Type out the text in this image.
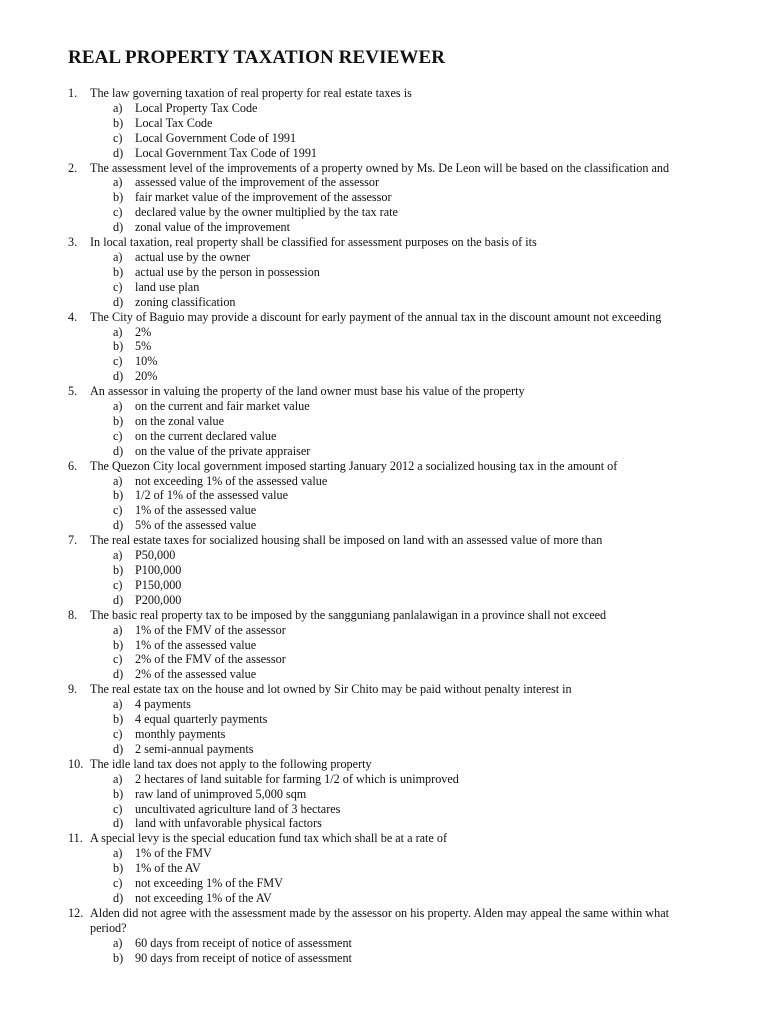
REAL PROPERTY TAXATION REVIEWER
1. The law governing taxation of real property for real estate taxes is
a) Local Property Tax Code
b) Local Tax Code
c) Local Government Code of 1991
d) Local Government Tax Code of 1991
2. The assessment level of the improvements of a property owned by Ms. De Leon will be based on the classification and
a) assessed value of the improvement of the assessor
b) fair market value of the improvement of the assessor
c) declared value by the owner multiplied by the tax rate
d) zonal value of the improvement
3. In local taxation, real property shall be classified for assessment purposes on the basis of its
a) actual use by the owner
b) actual use by the person in possession
c) land use plan
d) zoning classification
4. The City of Baguio may provide a discount for early payment of the annual tax in the discount amount not exceeding
a) 2%
b) 5%
c) 10%
d) 20%
5. An assessor in valuing the property of the land owner must base his value of the property
a) on the current and fair market value
b) on the zonal value
c) on the current declared value
d) on the value of the private appraiser
6. The Quezon City local government imposed starting January 2012 a socialized housing tax in the amount of
a) not exceeding 1% of the assessed value
b) 1/2 of 1% of the assessed value
c) 1% of the assessed value
d) 5% of the assessed value
7. The real estate taxes for socialized housing shall be imposed on land with an assessed value of more than
a) P50,000
b) P100,000
c) P150,000
d) P200,000
8. The basic real property tax to be imposed by the sangguniang panlalawigan in a province shall not exceed
a) 1% of the FMV of the assessor
b) 1% of the assessed value
c) 2% of the FMV of the assessor
d) 2% of the assessed value
9. The real estate tax on the house and lot owned by Sir Chito may be paid without penalty interest in
a) 4 payments
b) 4 equal quarterly payments
c) monthly payments
d) 2 semi-annual payments
10. The idle land tax does not apply to the following property
a) 2 hectares of land suitable for farming 1/2 of which is unimproved
b) raw land of unimproved 5,000 sqm
c) uncultivated agriculture land of 3 hectares
d) land with unfavorable physical factors
11. A special levy is the special education fund tax which shall be at a rate of
a) 1% of the FMV
b) 1% of the AV
c) not exceeding 1% of the FMV
d) not exceeding 1% of the AV
12. Alden did not agree with the assessment made by the assessor on his property. Alden may appeal the same within what period?
a) 60 days from receipt of notice of assessment
b) 90 days from receipt of notice of assessment
